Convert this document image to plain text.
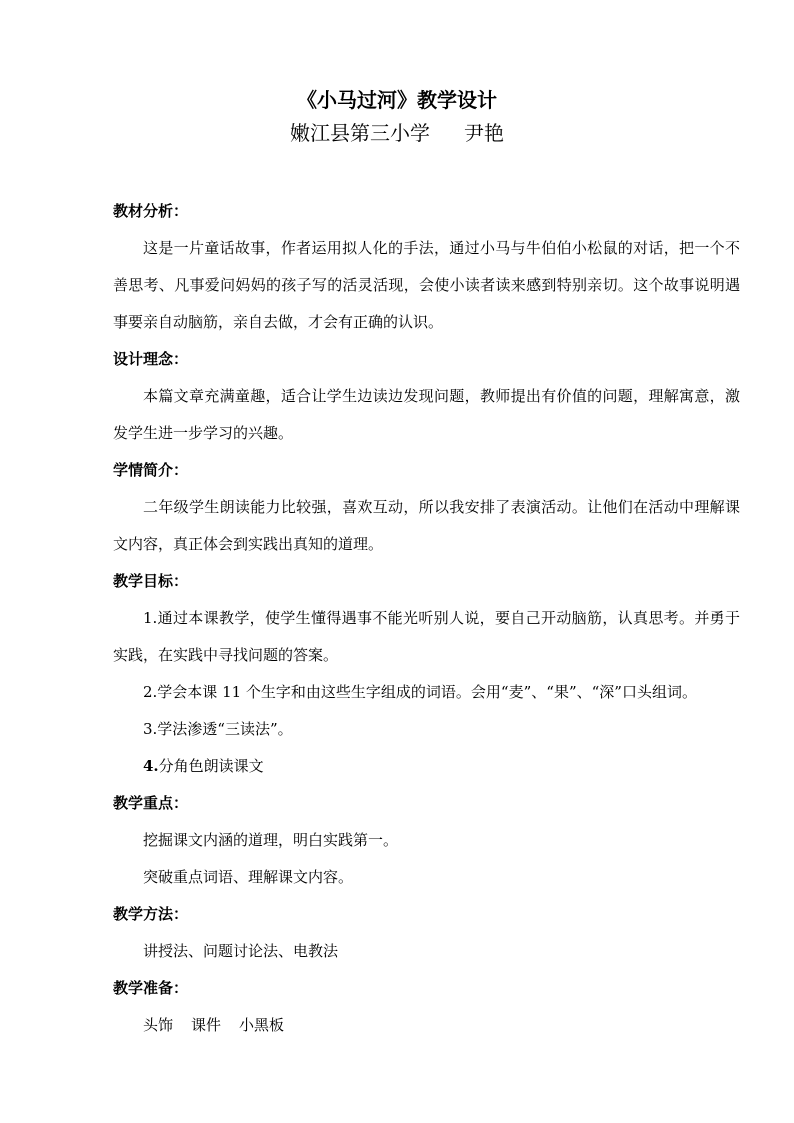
《小马过河》教学设计
嫩江县第三小学 尹艳

教材分析：

这是一片童话故事，作者运用拟人化的手法，通过小马与牛伯伯小松鼠的对话，把一个不善思考、凡事爱问妈妈的孩子写的活灵活现，会使小读者读来感到特别亲切。这个故事说明遇事要亲自动脑筋，亲自去做，才会有正确的认识。

设计理念：

本篇文章充满童趣，适合让学生边读边发现问题，教师提出有价值的问题，理解寓意，激发学生进一步学习的兴趣。

学情简介：

二年级学生朗读能力比较强，喜欢互动，所以我安排了表演活动。让他们在活动中理解课文内容，真正体会到实践出真知的道理。

教学目标：

1.通过本课教学，使学生懂得遇事不能光听别人说，要自己开动脑筋，认真思考。并勇于实践，在实践中寻找问题的答案。

2.学会本课 11 个生字和由这些生字组成的词语。会用“麦”、“果”、“深”口头组词。

3.学法渗透“三读法”。

4.分角色朗读课文

教学重点：

挖掘课文内涵的道理，明白实践第一。

突破重点词语、理解课文内容。

教学方法：

讲授法、问题讨论法、电教法

教学准备：

头饰 课件 小黑板
